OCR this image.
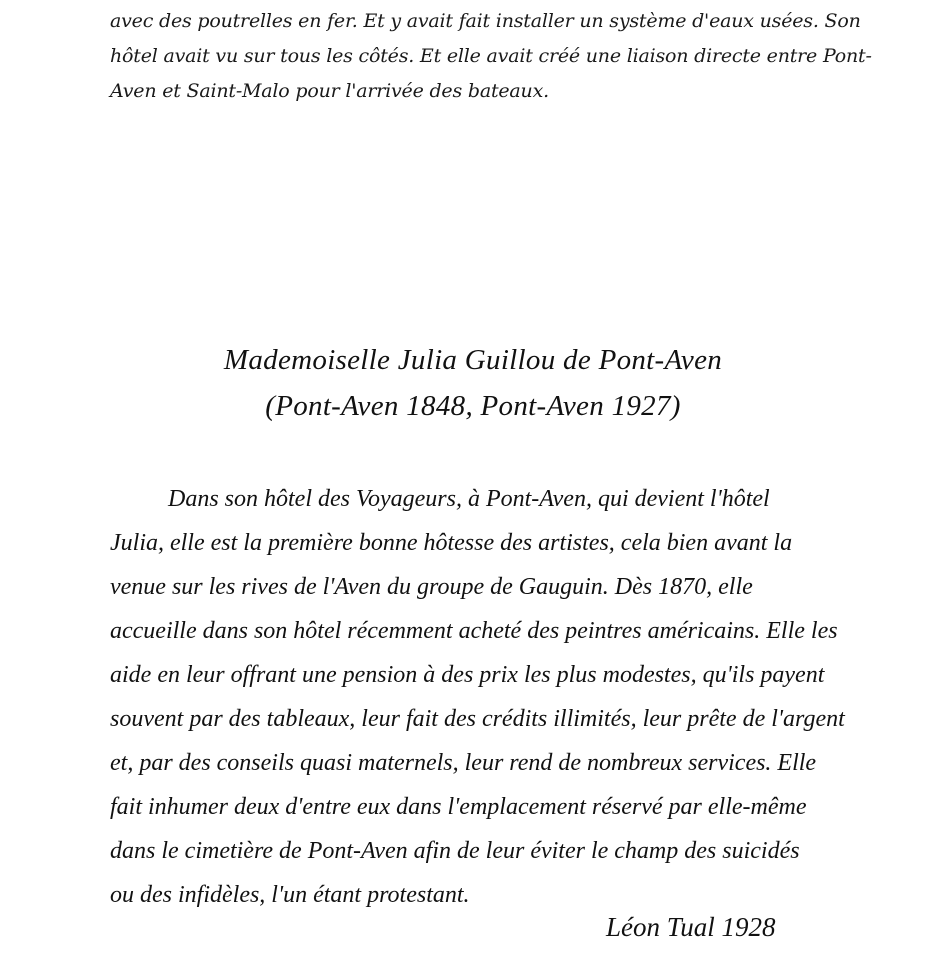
avec des poutrelles en fer. Et y avait fait installer un système d'eaux usées. Son
hôtel avait vu sur tous les côtés. Et elle avait créé une liaison directe entre Pont-
Aven et Saint-Malo pour l'arrivée des bateaux.
Mademoiselle Julia Guillou de Pont-Aven
(Pont-Aven 1848, Pont-Aven 1927)
Dans son hôtel des Voyageurs, à Pont-Aven, qui devient l'hôtel
Julia, elle est la première bonne hôtesse des artistes, cela bien avant la
venue sur les rives de l'Aven du groupe de Gauguin. Dès 1870, elle
accueille dans son hôtel récemment acheté des peintres américains. Elle les
aide en leur offrant une pension à des prix les plus modestes, qu'ils payent
souvent par des tableaux, leur fait des crédits illimités, leur prête de l'argent
et, par des conseils quasi maternels, leur rend de nombreux services. Elle
fait inhumer deux d'entre eux dans l'emplacement réservé par elle-même
dans le cimetière de Pont-Aven afin de leur éviter le champ des suicidés
ou des infidèles, l'un étant protestant.
Léon Tual 1928
